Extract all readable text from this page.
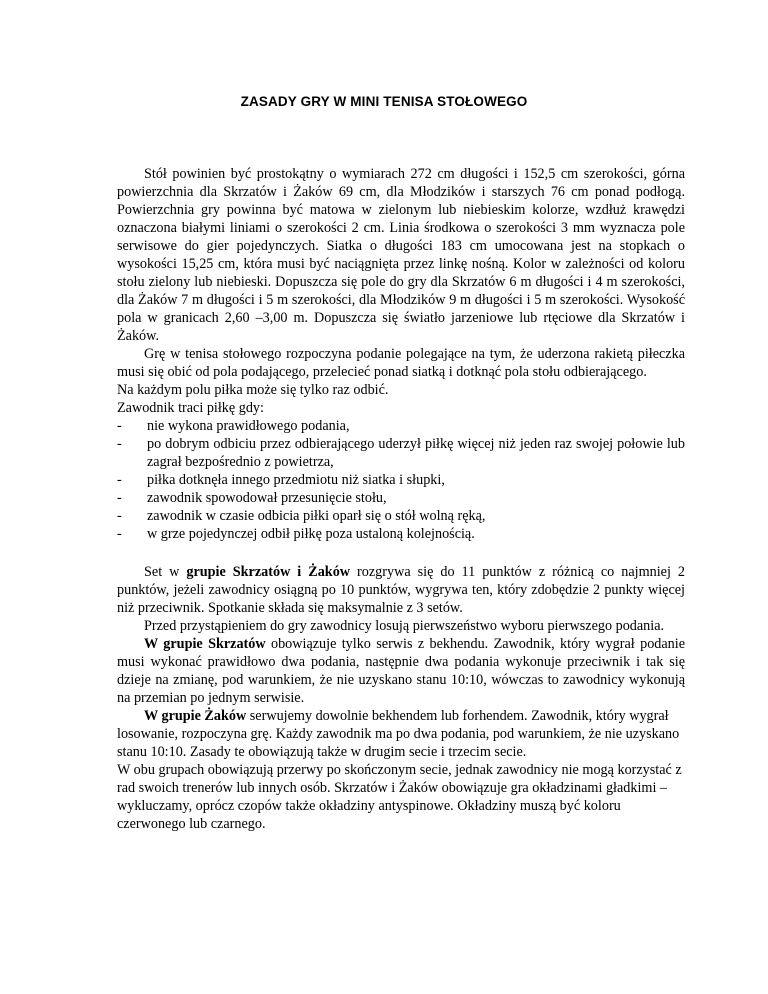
ZASADY GRY W MINI TENISA STOŁOWEGO

Stół powinien być prostokątny o wymiarach 272 cm długości i 152,5 cm szerokości, górna powierzchnia dla Skrzatów i Żaków 69 cm, dla Młodzików i starszych 76 cm ponad podłogą. Powierzchnia gry powinna być matowa w zielonym lub niebieskim kolorze, wzdłuż krawędzi oznaczona białymi liniami o szerokości 2 cm. Linia środkowa o szerokości 3 mm wyznacza pole serwisowe do gier pojedynczych. Siatka o długości 183 cm umocowana jest na stopkach o wysokości 15,25 cm, która musi być naciągnięta przez linkę nośną. Kolor w zależności od koloru stołu zielony lub niebieski. Dopuszcza się pole do gry dla Skrzatów 6 m długości i 4 m szerokości, dla Żaków 7 m długości i 5 m szerokości, dla Młodzików 9 m długości i 5 m szerokości. Wysokość pola w granicach 2,60 –3,00 m. Dopuszcza się światło jarzeniowe lub rtęciowe dla Skrzatów i Żaków.

Grę w tenisa stołowego rozpoczyna podanie polegające na tym, że uderzona rakietą piłeczka musi się obić od pola podającego, przelecieć ponad siatką i dotknąć pola stołu odbierającego.

Na każdym polu piłka może się tylko raz odbić.

Zawodnik traci piłkę gdy:

- nie wykona prawidłowego podania,
- po dobrym odbiciu przez odbierającego uderzył piłkę więcej niż jeden raz swojej połowie lub zagrał bezpośrednio z powietrza,
- piłka dotknęła innego przedmiotu niż siatka i słupki,
- zawodnik spowodował przesunięcie stołu,
- zawodnik w czasie odbicia piłki oparł się o stół wolną ręką,
- w grze pojedynczej odbił piłkę poza ustaloną kolejnością.

Set w grupie Skrzatów i Żaków rozgrywa się do 11 punktów z różnicą co najmniej 2 punktów, jeżeli zawodnicy osiągną po 10 punktów, wygrywa ten, który zdobędzie 2 punkty więcej niż przeciwnik. Spotkanie składa się maksymalnie z 3 setów.

Przed przystąpieniem do gry zawodnicy losują pierwszeństwo wyboru pierwszego podania.

W grupie Skrzatów obowiązuje tylko serwis z bekhendu. Zawodnik, który wygrał podanie musi wykonać prawidłowo dwa podania, następnie dwa podania wykonuje przeciwnik i tak się dzieje na zmianę, pod warunkiem, że nie uzyskano stanu 10:10, wówczas to zawodnicy wykonują na przemian po jednym serwisie.

W grupie Żaków serwujemy dowolnie bekhendem lub forhendem. Zawodnik, który wygrał losowanie, rozpoczyna grę. Każdy zawodnik ma po dwa podania, pod warunkiem, że nie uzyskano stanu 10:10. Zasady te obowiązują także w drugim secie i trzecim secie.

W obu grupach obowiązują przerwy po skończonym secie, jednak zawodnicy nie mogą korzystać z rad swoich trenerów lub innych osób. Skrzatów i Żaków obowiązuje gra okładzinami gładkimi –wykluczamy, oprócz czopów także okładziny antyspinowe. Okładziny muszą być koloru czerwonego lub czarnego.
